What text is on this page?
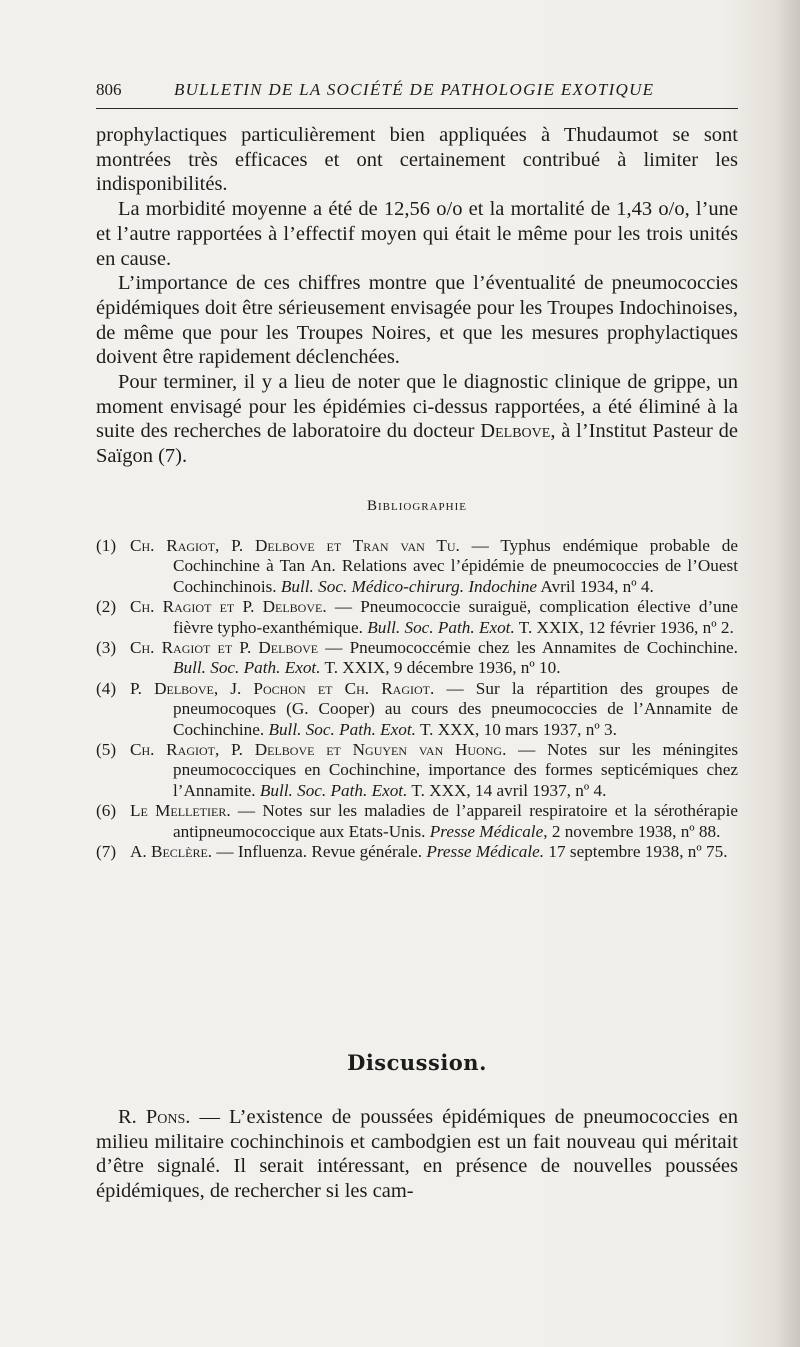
806	BULLETIN DE LA SOCIÉTÉ DE PATHOLOGIE EXOTIQUE

prophylactiques particulièrement bien appliquées à Thudaumot se sont montrées très efficaces et ont certainement contribué à limiter les indisponibilités.

La morbidité moyenne a été de 12,56 o/o et la mortalité de 1,43 o/o, l’une et l’autre rapportées à l’effectif moyen qui était le même pour les trois unités en cause.

L’importance de ces chiffres montre que l’éventualité de pneumococcies épidémiques doit être sérieusement envisagée pour les Troupes Indochinoises, de même que pour les Troupes Noires, et que les mesures prophylactiques doivent être rapidement déclenchées.

Pour terminer, il y a lieu de noter que le diagnostic clinique de grippe, un moment envisagé pour les épidémies ci-dessus rapportées, a été éliminé à la suite des recherches de laboratoire du docteur Delbove, à l’Institut Pasteur de Saïgon (7).

Bibliographie
(1) Ch. Ragiot, P. Delbove et Tran van Tu. — Typhus endémique probable de Cochinchine à Tan An. Relations avec l’épidémie de pneumococcies de l’Ouest Cochinchinois. Bull. Soc. Médico-chirurg. Indochine Avril 1934, nº 4.
(2) Ch. Ragiot et P. Delbove. — Pneumococcie suraiguë, complication élective d’une fièvre typho-exanthémique. Bull. Soc. Path. Exot. T. XXIX, 12 février 1936, nº 2.
(3) Ch. Ragiot et P. Delbove — Pneumococcémie chez les Annamites de Cochinchine. Bull. Soc. Path. Exot. T. XXIX, 9 décembre 1936, nº 10.
(4) P. Delbove, J. Pochon et Ch. Ragiot. — Sur la répartition des groupes de pneumocoques (G. Cooper) au cours des pneumococcies de l’Annamite de Cochinchine. Bull. Soc. Path. Exot. T. XXX, 10 mars 1937, nº 3.
(5) Ch. Ragiot, P. Delbove et Nguyen van Huong. — Notes sur les méningites pneumococciques en Cochinchine, importance des formes septicémiques chez l’Annamite. Bull. Soc. Path. Exot. T. XXX, 14 avril 1937, nº 4.
(6) Le Melletier. — Notes sur les maladies de l’appareil respiratoire et la sérothérapie antipneumococcique aux Etats-Unis. Presse Médicale, 2 novembre 1938, nº 88.
(7) A. Beclère. — Influenza. Revue générale. Presse Médicale. 17 septembre 1938, nº 75.
Discussion.
R. Pons. — L’existence de poussées épidémiques de pneumococcies en milieu militaire cochinchinois et cambodgien est un fait nouveau qui méritait d’être signalé. Il serait intéressant, en présence de nouvelles poussées épidémiques, de rechercher si les cam-
